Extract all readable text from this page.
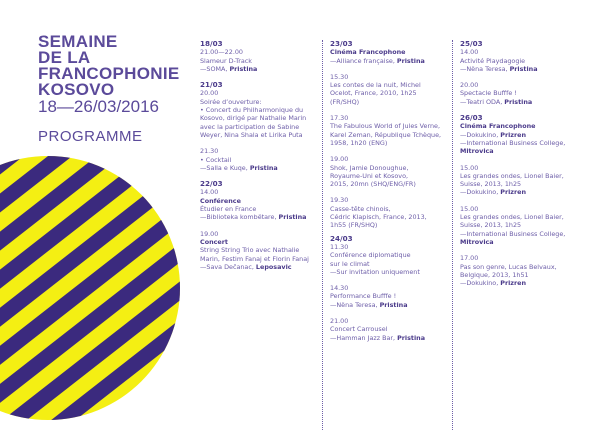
SEMAINE
DE LA
FRANCOPHONIE
KOSOVO
18—26/03/2016
PROGRAMME
18/03
21.00—22.00
Slameur D-Track
—SOMA, Pristina
21/03
20.00
Soirée d’ouverture:
• Concert du Philharmonique du
Kosovo, dirigé par Nathalie Marin
avec la participation de Sabine
Weyer, Nina Shala et Lirika Puta
21.30
• Cocktail
—Salla e Kuqe, Pristina
22/03
14.00
Conférence
Étudier en France
—Biblioteka kombëtare, Pristina
19.00
Concert
String String Trio avec Nathalie
Marin, Festim Fanaj et Florin Fanaj
—Sava Dečanac, Leposavic
23/03
Cinéma Francophone
—Alliance française, Pristina
15.30
Les contes de la nuit, Michel
Ocelot, France, 2010, 1h25
(FR/SHQ)
17.30
The Fabulous World of Jules Verne,
Karel Zeman, République Tchèque,
1958, 1h20 (ENG)
19.00
Shok, Jamie Donoughue,
Royaume-Uni et Kosovo,
2015, 20mn (SHQ/ENG/FR)
19.30
Casse-tête chinois,
Cédric Klapisch, France, 2013,
1h55 (FR/SHQ)
24/03
11.30
Conférence diplomatique
sur le climat
—Sur invitation uniquement
14.30
Performance Bufffe !
—Nëna Teresa, Pristina
21.00
Concert Carrousel
—Hamman Jazz Bar, Pristina
25/03
14.00
Activité Playdagogie
—Nëna Teresa, Pristina
20.00
Spectacle Bufffe !
—Teatri ODA, Pristina
26/03
Cinéma Francophone
—Dokukino, Prizren
—International Business College,
Mitrovica
15.00
Les grandes ondes, Lionel Baier,
Suisse, 2013, 1h25
—Dokukino, Prizren
15.00
Les grandes ondes, Lionel Baier,
Suisse, 2013, 1h25
—International Business College,
Mitrovica
17.00
Pas son genre, Lucas Belvaux,
Belgique, 2013, 1h51
—Dokukino, Prizren
